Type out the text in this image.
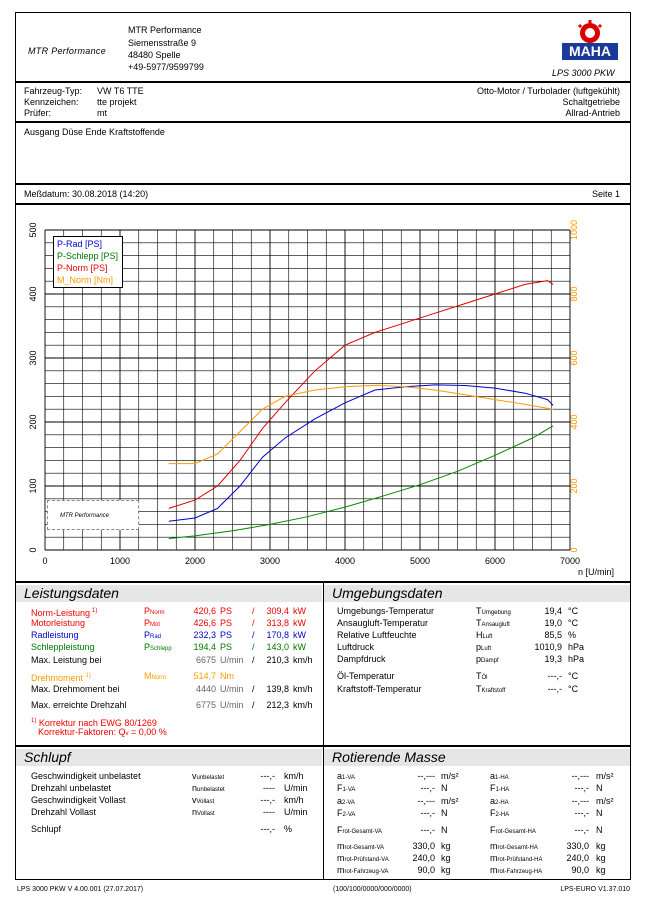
MTR Performance
MTR Performance
Siemensstraße 9
48480 Spelle
+49-5977/9599799
MAHA
LPS 3000 PKW
Fahrzeug-Typ: VW T6 TTE
Kennzeichen: tte projekt
Prüfer:	mt
Otto-Motor / Turbolader (luftgekühlt)
Schaltgetriebe
Allrad-Antrieb
Ausgang Düse Ende Kraftstoffende
Meßdatum: 30.08.2018 (14:20)	Seite 1
0	1000	2000	3000	4000	5000	6000	7000
0
100
200
300
400
500
0
200
400
600
800
1000
n [U/min]
P-Rad [PS]
P-Schlepp [PS]
P-Norm [PS]
M_Norm [Nm]
MTR Performance
Leistungsdaten	Umgebungsdaten
Norm-Leistung $^{1)}$	PNorm	420,6 PS /	309,4 kW
Motorleistung	PMot	426,6 PS /	313,8 kW
Radleistung	PRad	232,3 PS /	170,8 kW
Schleppleistung	PSchlepp	194,4 PS /	143,0 kW
Max. Leistung bei	6675 U/min /	210,3 km/h
Drehmoment $^{1)}$	MNorm	514,7 Nm
Max. Drehmoment bei	4440 U/min /	139,8 km/h
Max. erreichte Drehzahl	6775 U/min /	212,3 km/h
$^{1)}$ Korrektur nach EWG 80/1269
Korrektur-Faktoren: Qv = 0,00 %
Umgebungs-Temperatur	TUmgebung	19,4 °C
Ansaugluft-Temperatur	TAnsaugluft	19,0 °C
Relative Luftfeuchte	HLuft	85,5 %
Luftdruck	pLuft	1010,9 hPa
Dampfdruck	pDampf	19,3 hPa
Öl-Temperatur	TÖl	---,- °C
Kraftstoff-Temperatur	TKraftstoff	---,- °C
Schlupf	Rotierende Masse
Geschwindigkeit unbelastet	vunbelastet	---,- km/h
Drehzahl unbelastet	nunbelastet	---- U/min
Geschwindigkeit Vollast	vVollast	---,- km/h
Drehzahl Vollast	nVollast	---- U/min
Schlupf	---,- %
a1-VA	--,--- m/s²
F1-VA	---,- N
a2-VA	--,--- m/s²
F2-VA	---,- N
Frot-Gesamt-VA	---,- N
mrot-Gesamt-VA	330,0 kg
mrot-Prüfstand-VA	240,0 kg
mrot-Fahrzeug-VA	90,0 kg
a1-HA	--,--- m/s²
F1-HA	---,- N
a2-HA	--,--- m/s²
F2-HA	---,- N
Frot-Gesamt-HA	---,- N
mrot-Gesamt-HA	330,0 kg
mrot-Prüfstand-HA	240,0 kg
mrot-Fahrzeug-HA	90,0 kg
LPS 3000 PKW V 4.00.001 (27.07.2017)	(100/100/0000/000/0000)	LPS-EURO V1.37.010
